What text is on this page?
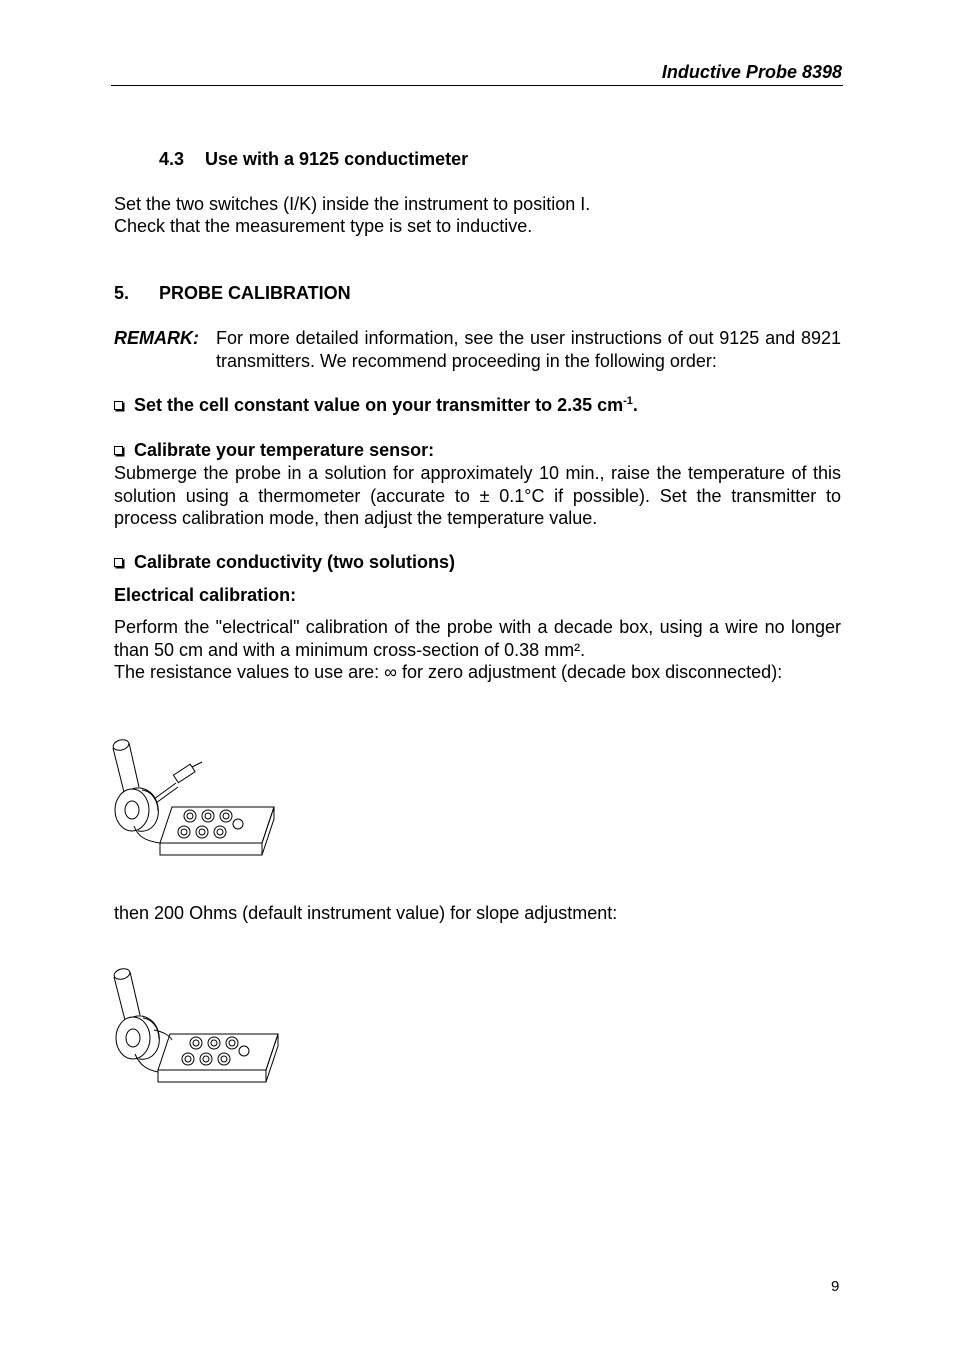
Inductive Probe 8398
4.3 Use with a 9125 conductimeter
Set the two switches (I/K) inside the instrument to position I.
Check that the measurement type is set to inductive.
5. PROBE CALIBRATION
REMARK: For more detailed information, see the user instructions of out 9125 and 8921 transmitters. We recommend proceeding in the following order:
Set the cell constant value on your transmitter to 2.35 $cm^{-1}$.
Calibrate your temperature sensor:
Submerge the probe in a solution for approximately 10 min., raise the temperature of this solution using a thermometer (accurate to ± 0.1°C if possible). Set the transmitter to process calibration mode, then adjust the temperature value.
Calibrate conductivity (two solutions)
Electrical calibration:
Perform the "electrical" calibration of the probe with a decade box, using a wire no longer than 50 cm and with a minimum cross-section of 0.38 mm².
The resistance values to use are: ∞ for zero adjustment (decade box disconnected):
then 200 Ohms (default instrument value) for slope adjustment:
9
